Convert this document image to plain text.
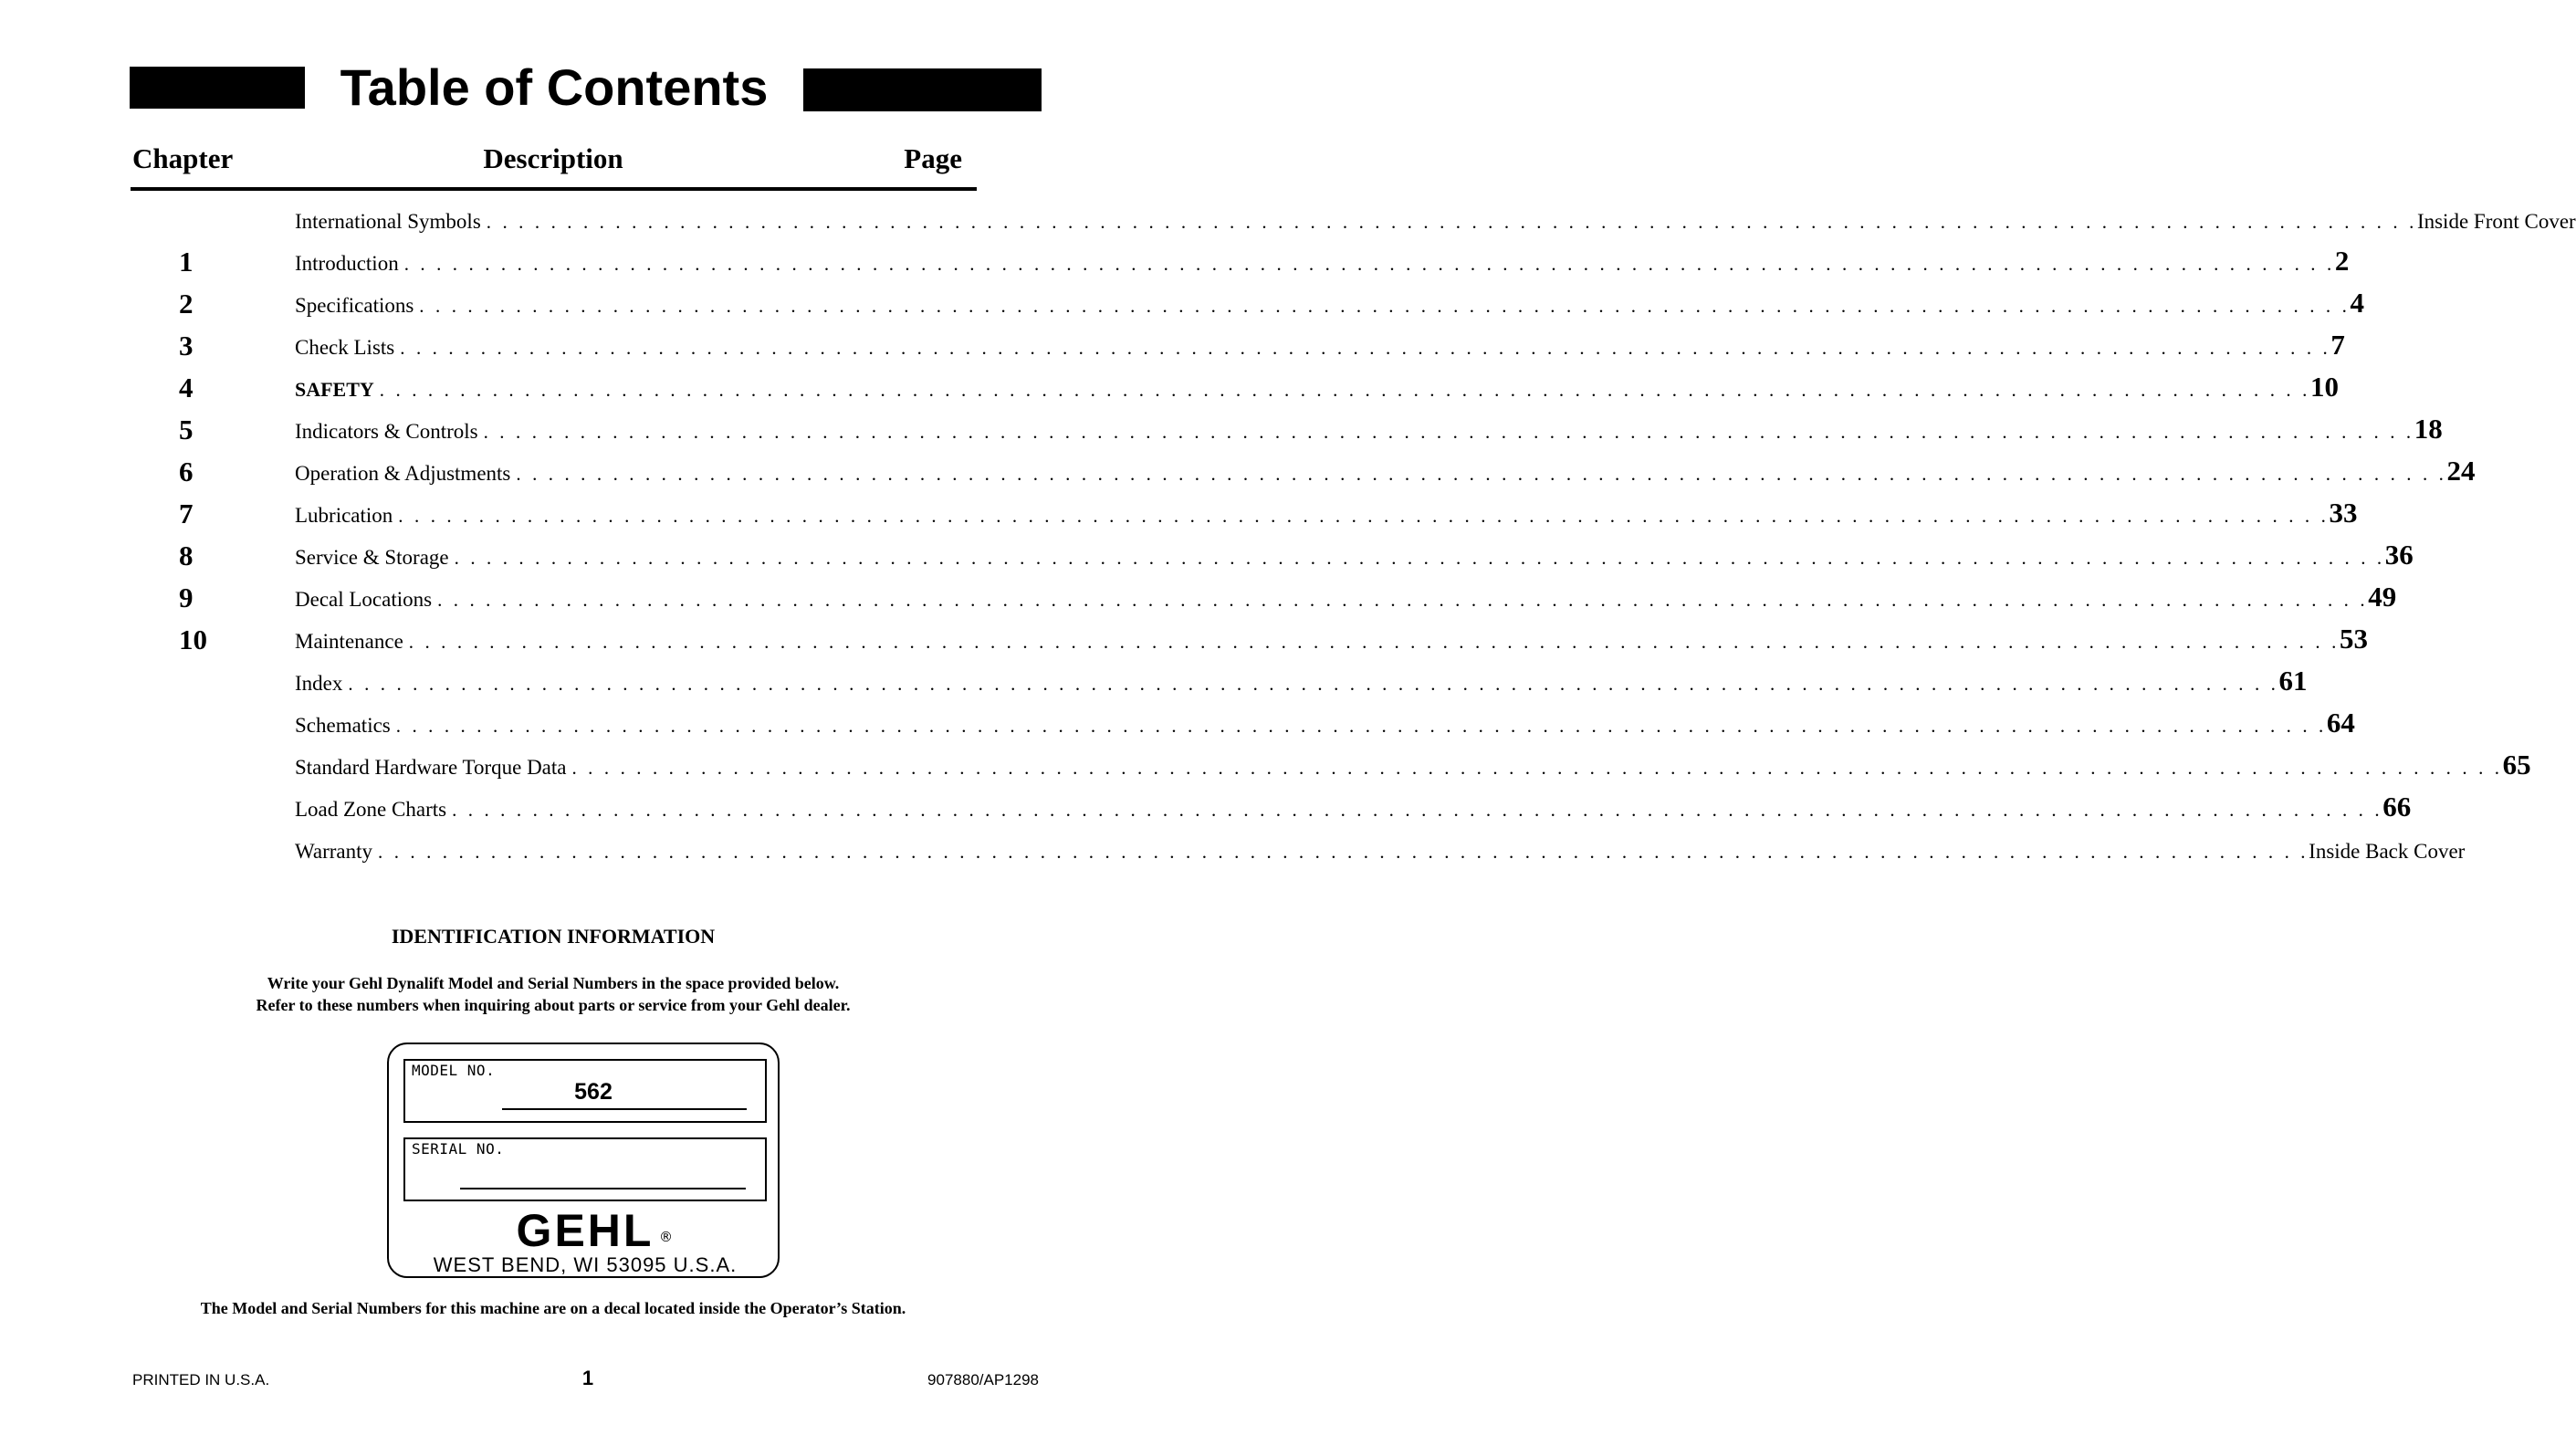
Table of Contents
Chapter	Description	Page
International Symbols . . . . . . . . . . . . . . . . . . . . . . . . . . . . . . . . . . . . . . . . . . . . . . . . . . . . . . . . . . . . . . . . . . . . . . . . . . . . . . . . . . . . . . . . . . . . . . . . . . . . . . . . . . . . . . . . . . . . . . . . Inside Front Cover
1	Introduction . . . . . . . . . . . . . . . . . . . . . . . . . . . . . . . . . . . . . . . . . . . . . . . . . . . . . . . . . . . . . . . . . . . . . . . . . . . . . . . . . . . . . . . . . . . . . . . . . . . . . . . . . . . . . . . . . . . . . . . . 2
2	Specifications . . . . . . . . . . . . . . . . . . . . . . . . . . . . . . . . . . . . . . . . . . . . . . . . . . . . . . . . . . . . . . . . . . . . . . . . . . . . . . . . . . . . . . . . . . . . . . . . . . . . . . . . . . . . . . . . . . . . . . . . 4
3	Check Lists . . . . . . . . . . . . . . . . . . . . . . . . . . . . . . . . . . . . . . . . . . . . . . . . . . . . . . . . . . . . . . . . . . . . . . . . . . . . . . . . . . . . . . . . . . . . . . . . . . . . . . . . . . . . . . . . . . . . . . . . 7
4	SAFETY . . . . . . . . . . . . . . . . . . . . . . . . . . . . . . . . . . . . . . . . . . . . . . . . . . . . . . . . . . . . . . . . . . . . . . . . . . . . . . . . . . . . . . . . . . . . . . . . . . . . . . . . . . . . . . . . . . . . . . . . 10
5	Indicators & Controls . . . . . . . . . . . . . . . . . . . . . . . . . . . . . . . . . . . . . . . . . . . . . . . . . . . . . . . . . . . . . . . . . . . . . . . . . . . . . . . . . . . . . . . . . . . . . . . . . . . . . . . . . . . . . . . . . . . . . . . . 18
6	Operation & Adjustments . . . . . . . . . . . . . . . . . . . . . . . . . . . . . . . . . . . . . . . . . . . . . . . . . . . . . . . . . . . . . . . . . . . . . . . . . . . . . . . . . . . . . . . . . . . . . . . . . . . . . . . . . . . . . . . . . . . . . . . . 24
7	Lubrication . . . . . . . . . . . . . . . . . . . . . . . . . . . . . . . . . . . . . . . . . . . . . . . . . . . . . . . . . . . . . . . . . . . . . . . . . . . . . . . . . . . . . . . . . . . . . . . . . . . . . . . . . . . . . . . . . . . . . . . . 33
8	Service & Storage . . . . . . . . . . . . . . . . . . . . . . . . . . . . . . . . . . . . . . . . . . . . . . . . . . . . . . . . . . . . . . . . . . . . . . . . . . . . . . . . . . . . . . . . . . . . . . . . . . . . . . . . . . . . . . . . . . . . . . . . 36
9	Decal Locations . . . . . . . . . . . . . . . . . . . . . . . . . . . . . . . . . . . . . . . . . . . . . . . . . . . . . . . . . . . . . . . . . . . . . . . . . . . . . . . . . . . . . . . . . . . . . . . . . . . . . . . . . . . . . . . . . . . . . . . . 49
10	Maintenance . . . . . . . . . . . . . . . . . . . . . . . . . . . . . . . . . . . . . . . . . . . . . . . . . . . . . . . . . . . . . . . . . . . . . . . . . . . . . . . . . . . . . . . . . . . . . . . . . . . . . . . . . . . . . . . . . . . . . . . . 53
Index . . . . . . . . . . . . . . . . . . . . . . . . . . . . . . . . . . . . . . . . . . . . . . . . . . . . . . . . . . . . . . . . . . . . . . . . . . . . . . . . . . . . . . . . . . . . . . . . . . . . . . . . . . . . . . . . . . . . . . . . 61
Schematics . . . . . . . . . . . . . . . . . . . . . . . . . . . . . . . . . . . . . . . . . . . . . . . . . . . . . . . . . . . . . . . . . . . . . . . . . . . . . . . . . . . . . . . . . . . . . . . . . . . . . . . . . . . . . . . . . . . . . . . . 64
Standard Hardware Torque Data . . . . . . . . . . . . . . . . . . . . . . . . . . . . . . . . . . . . . . . . . . . . . . . . . . . . . . . . . . . . . . . . . . . . . . . . . . . . . . . . . . . . . . . . . . . . . . . . . . . . . . . . . . . . . . . . . . . . . . . . 65
Load Zone Charts . . . . . . . . . . . . . . . . . . . . . . . . . . . . . . . . . . . . . . . . . . . . . . . . . . . . . . . . . . . . . . . . . . . . . . . . . . . . . . . . . . . . . . . . . . . . . . . . . . . . . . . . . . . . . . . . . . . . . . . . 66
Warranty . . . . . . . . . . . . . . . . . . . . . . . . . . . . . . . . . . . . . . . . . . . . . . . . . . . . . . . . . . . . . . . . . . . . . . . . . . . . . . . . . . . . . . . . . . . . . . . . . . . . . . . . . . . . . . . . . . . . . . . . Inside Back Cover
IDENTIFICATION INFORMATION
Write your Gehl Dynalift Model and Serial Numbers in the space provided below.
Refer to these numbers when inquiring about parts or service from your Gehl dealer.
MODEL NO.
562
SERIAL NO.
GEHL ®
WEST BEND, WI 53095 U.S.A.
The Model and Serial Numbers for this machine are on a decal located inside the Operator’s Station.
PRINTED IN U.S.A.	1	907880/AP1298
